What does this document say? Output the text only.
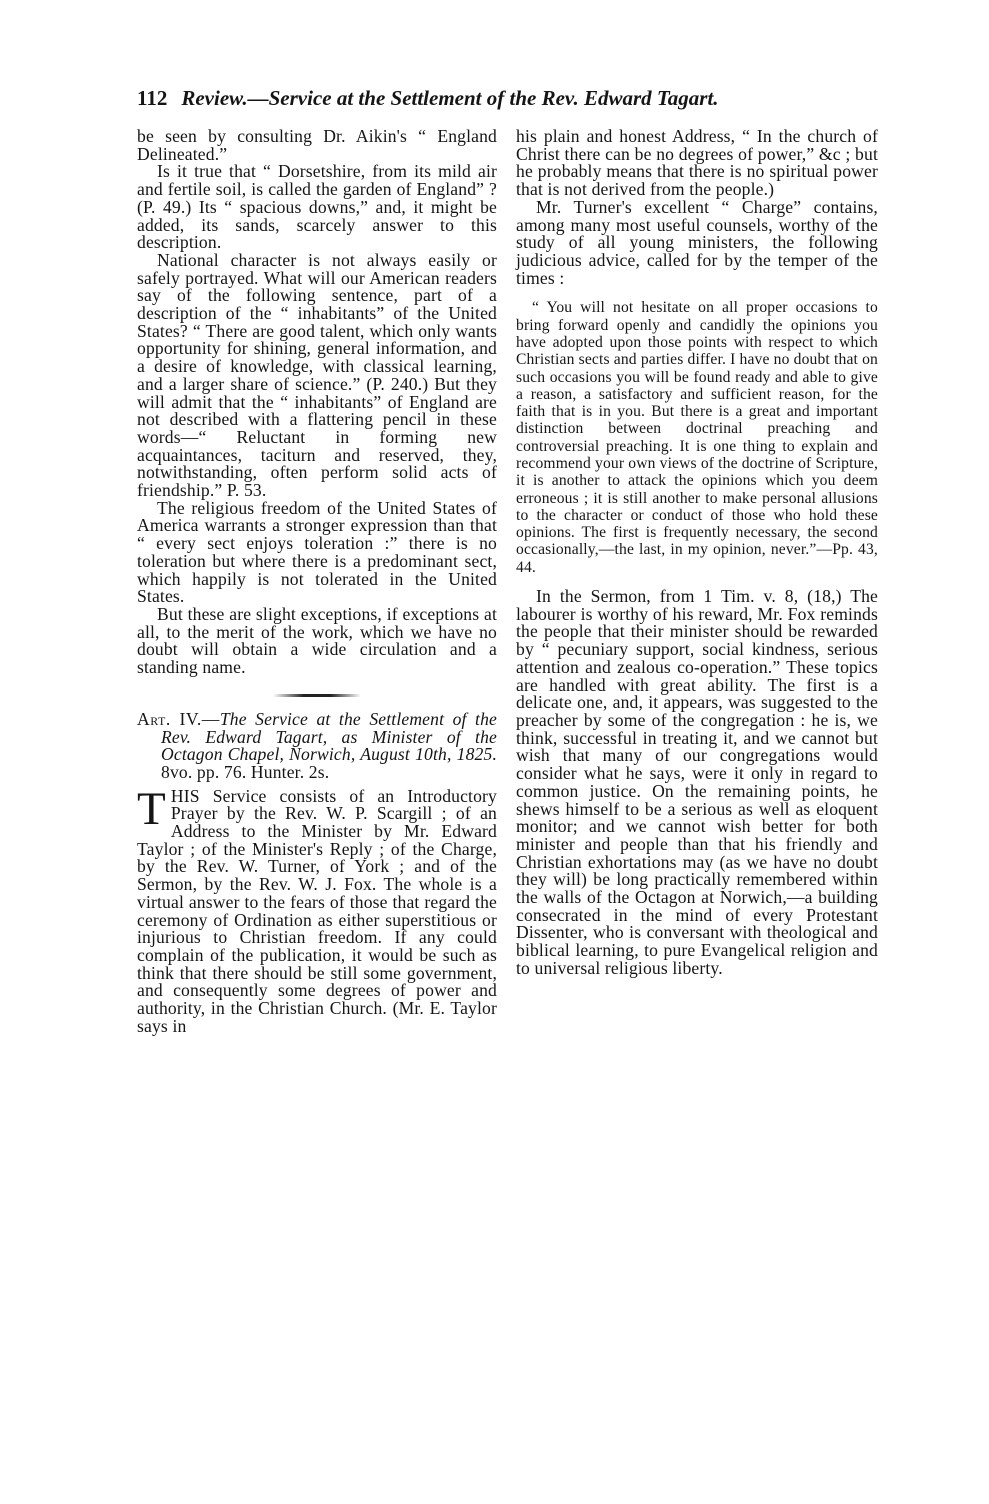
112 Review.—Service at the Settlement of the Rev. Edward Tagart.

be seen by consulting Dr. Aikin's “ England Delineated.”

Is it true that “ Dorsetshire, from its mild air and fertile soil, is called the garden of England” ? (P. 49.) Its “ spacious downs,” and, it might be added, its sands, scarcely answer to this description.

National character is not always easily or safely portrayed. What will our American readers say of the following sentence, part of a description of the “ inhabitants” of the United States? “ There are good talent, which only wants opportunity for shining, general information, and a desire of knowledge, with classical learning, and a larger share of science.” (P. 240.) But they will admit that the “ inhabitants” of England are not described with a flattering pencil in these words—“ Reluctant in forming new acquaintances, taciturn and reserved, they, notwithstanding, often perform solid acts of friendship.” P. 53.

The religious freedom of the United States of America warrants a stronger expression than that “ every sect enjoys toleration :” there is no toleration but where there is a predominant sect, which happily is not tolerated in the United States.

But these are slight exceptions, if exceptions at all, to the merit of the work, which we have no doubt will obtain a wide circulation and a standing name.

Art. IV.—The Service at the Settlement of the Rev. Edward Tagart, as Minister of the Octagon Chapel, Norwich, August 10th, 1825. 8vo. pp. 76. Hunter. 2s.

THIS Service consists of an Introductory Prayer by the Rev. W. P. Scargill ; of an Address to the Minister by Mr. Edward Taylor ; of the Minister's Reply ; of the Charge, by the Rev. W. Turner, of York ; and of the Sermon, by the Rev. W. J. Fox. The whole is a virtual answer to the fears of those that regard the ceremony of Ordination as either superstitious or injurious to Christian freedom. If any could complain of the publication, it would be such as think that there should be still some government, and consequently some degrees of power and authority, in the Christian Church. (Mr. E. Taylor says in

his plain and honest Address, “ In the church of Christ there can be no degrees of power,” &c ; but he probably means that there is no spiritual power that is not derived from the people.)

Mr. Turner's excellent “ Charge” contains, among many most useful counsels, worthy of the study of all young ministers, the following judicious advice, called for by the temper of the times :

“ You will not hesitate on all proper occasions to bring forward openly and candidly the opinions you have adopted upon those points with respect to which Christian sects and parties differ. I have no doubt that on such occasions you will be found ready and able to give a reason, a satisfactory and sufficient reason, for the faith that is in you. But there is a great and important distinction between doctrinal preaching and controversial preaching. It is one thing to explain and recommend your own views of the doctrine of Scripture, it is another to attack the opinions which you deem erroneous ; it is still another to make personal allusions to the character or conduct of those who hold these opinions. The first is frequently necessary, the second occasionally,—the last, in my opinion, never.”—Pp. 43, 44.

In the Sermon, from 1 Tim. v. 8, (18,) The labourer is worthy of his reward, Mr. Fox reminds the people that their minister should be rewarded by “ pecuniary support, social kindness, serious attention and zealous co-operation.” These topics are handled with great ability. The first is a delicate one, and, it appears, was suggested to the preacher by some of the congregation : he is, we think, successful in treating it, and we cannot but wish that many of our congregations would consider what he says, were it only in regard to common justice. On the remaining points, he shews himself to be a serious as well as eloquent monitor; and we cannot wish better for both minister and people than that his friendly and Christian exhortations may (as we have no doubt they will) be long practically remembered within the walls of the Octagon at Norwich,—a building consecrated in the mind of every Protestant Dissenter, who is conversant with theological and biblical learning, to pure Evangelical religion and to universal religious liberty.
